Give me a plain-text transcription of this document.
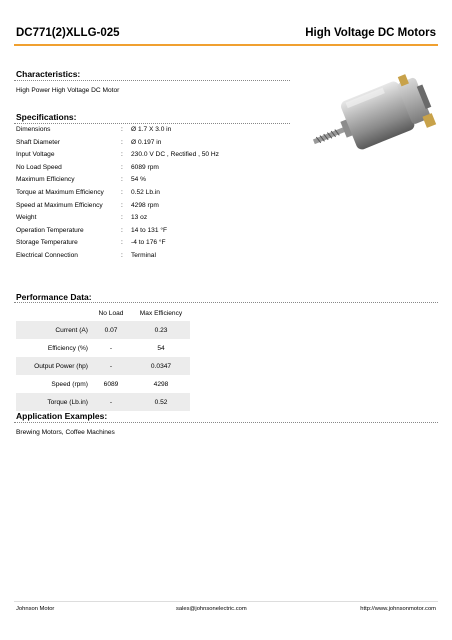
DC771(2)XLLG-025	High Voltage DC Motors
Characteristics:
High Power High Voltage DC Motor
Specifications:
Dimensions	:	Ø 1.7 X 3.0 in
Shaft Diameter	:	Ø 0.197 in
Input Voltage	:	230.0 V DC , Rectified , 50 Hz
No Load Speed	:	6089 rpm
Maximum Efficiency	:	54 %
Torque at Maximum Efficiency	:	0.52 Lb.in
Speed at Maximum Efficiency	:	4298 rpm
Weight	:	13 oz
Operation Temperature	:	14 to 131 °F
Storage Temperature	:	-4 to 176 °F
Electrical Connection	:	Terminal
Performance Data:
	No Load	Max Efficiency
Current (A)	0.07	0.23
Efficiency (%)	-	54
Output Power (hp)	-	0.0347
Speed (rpm)	6089	4298
Torque (Lb.in)	-	0.52
Application Examples:
Brewing Motors, Coffee Machines
Johnson Motor	sales@johnsonelectric.com	http://www.johnsonmotor.com
